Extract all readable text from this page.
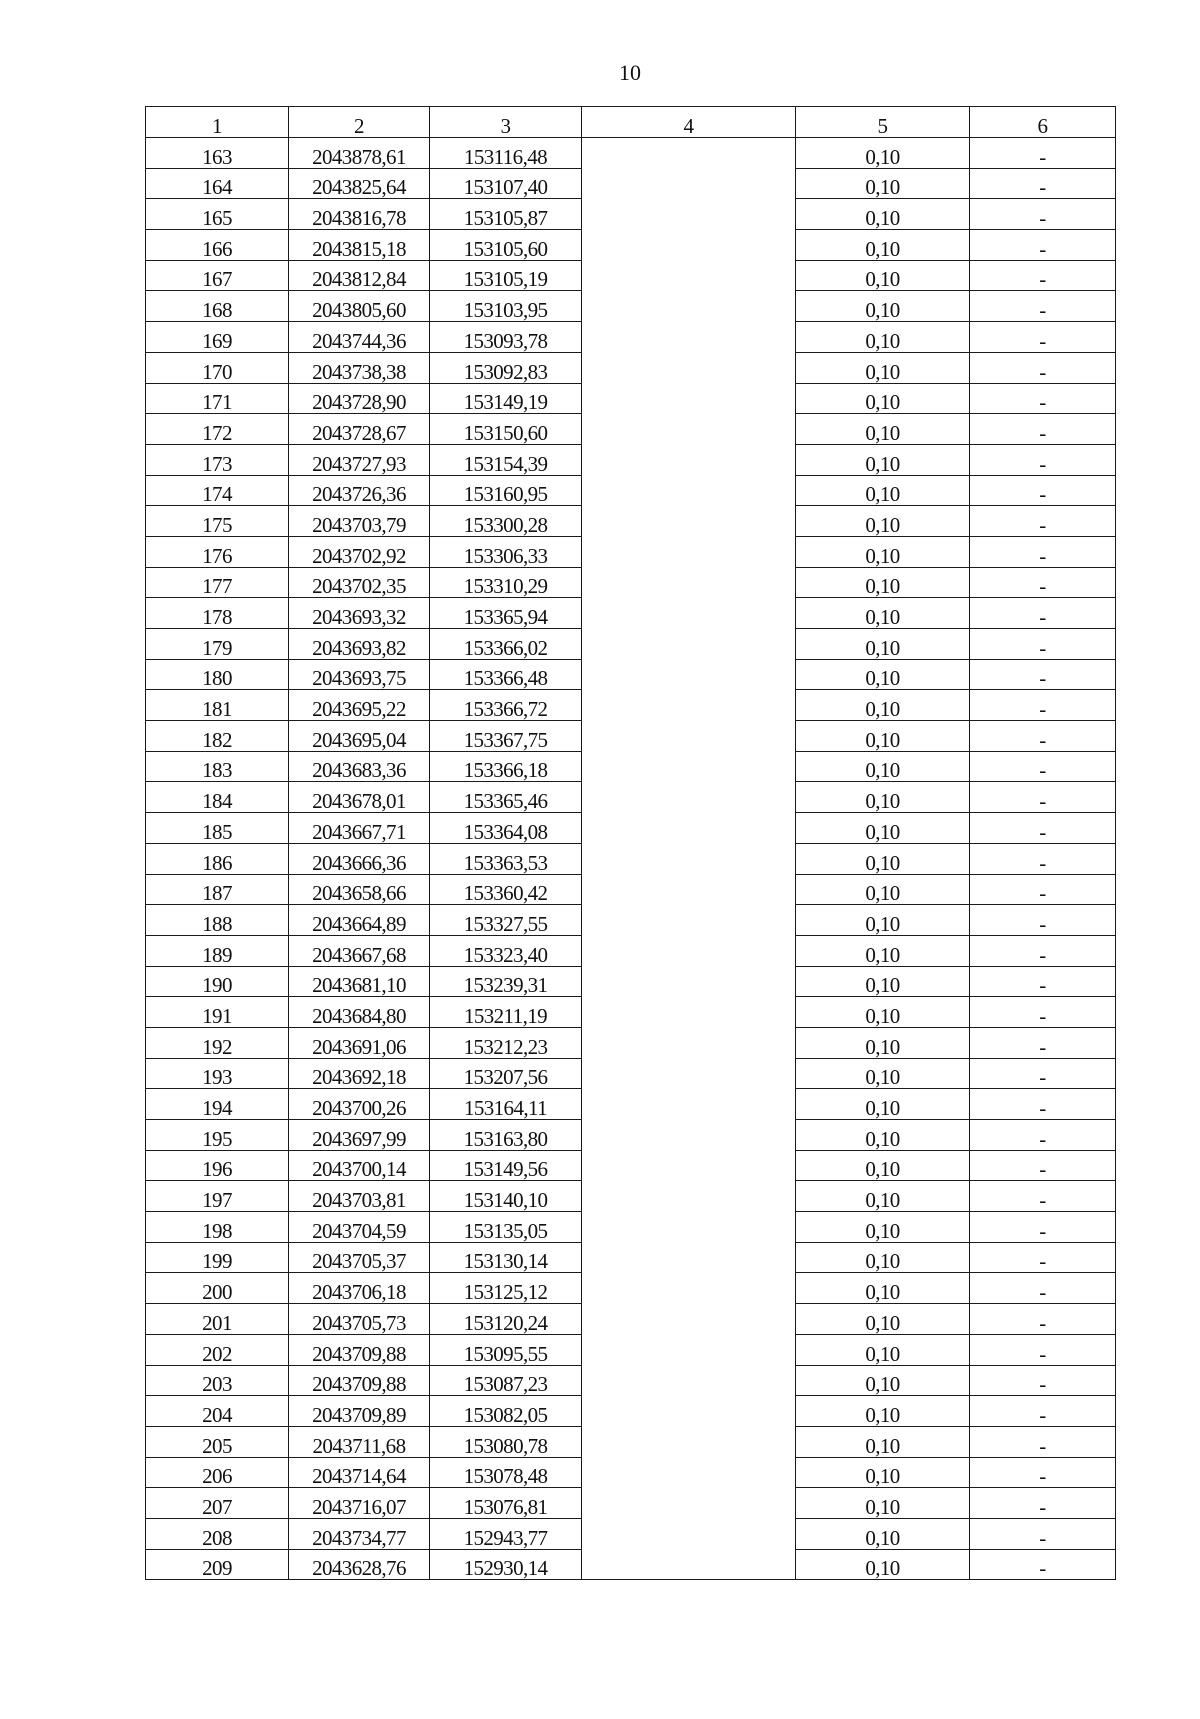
10
1	2	3	4	5	6
163	2043878,61	153116,48		0,10	-
164	2043825,64	153107,40		0,10	-
165	2043816,78	153105,87		0,10	-
166	2043815,18	153105,60		0,10	-
167	2043812,84	153105,19		0,10	-
168	2043805,60	153103,95		0,10	-
169	2043744,36	153093,78		0,10	-
170	2043738,38	153092,83		0,10	-
171	2043728,90	153149,19		0,10	-
172	2043728,67	153150,60		0,10	-
173	2043727,93	153154,39		0,10	-
174	2043726,36	153160,95		0,10	-
175	2043703,79	153300,28		0,10	-
176	2043702,92	153306,33		0,10	-
177	2043702,35	153310,29		0,10	-
178	2043693,32	153365,94		0,10	-
179	2043693,82	153366,02		0,10	-
180	2043693,75	153366,48		0,10	-
181	2043695,22	153366,72		0,10	-
182	2043695,04	153367,75		0,10	-
183	2043683,36	153366,18		0,10	-
184	2043678,01	153365,46		0,10	-
185	2043667,71	153364,08		0,10	-
186	2043666,36	153363,53		0,10	-
187	2043658,66	153360,42		0,10	-
188	2043664,89	153327,55		0,10	-
189	2043667,68	153323,40		0,10	-
190	2043681,10	153239,31		0,10	-
191	2043684,80	153211,19		0,10	-
192	2043691,06	153212,23		0,10	-
193	2043692,18	153207,56		0,10	-
194	2043700,26	153164,11		0,10	-
195	2043697,99	153163,80		0,10	-
196	2043700,14	153149,56		0,10	-
197	2043703,81	153140,10		0,10	-
198	2043704,59	153135,05		0,10	-
199	2043705,37	153130,14		0,10	-
200	2043706,18	153125,12		0,10	-
201	2043705,73	153120,24		0,10	-
202	2043709,88	153095,55		0,10	-
203	2043709,88	153087,23		0,10	-
204	2043709,89	153082,05		0,10	-
205	2043711,68	153080,78		0,10	-
206	2043714,64	153078,48		0,10	-
207	2043716,07	153076,81		0,10	-
208	2043734,77	152943,77		0,10	-
209	2043628,76	152930,14		0,10	-
